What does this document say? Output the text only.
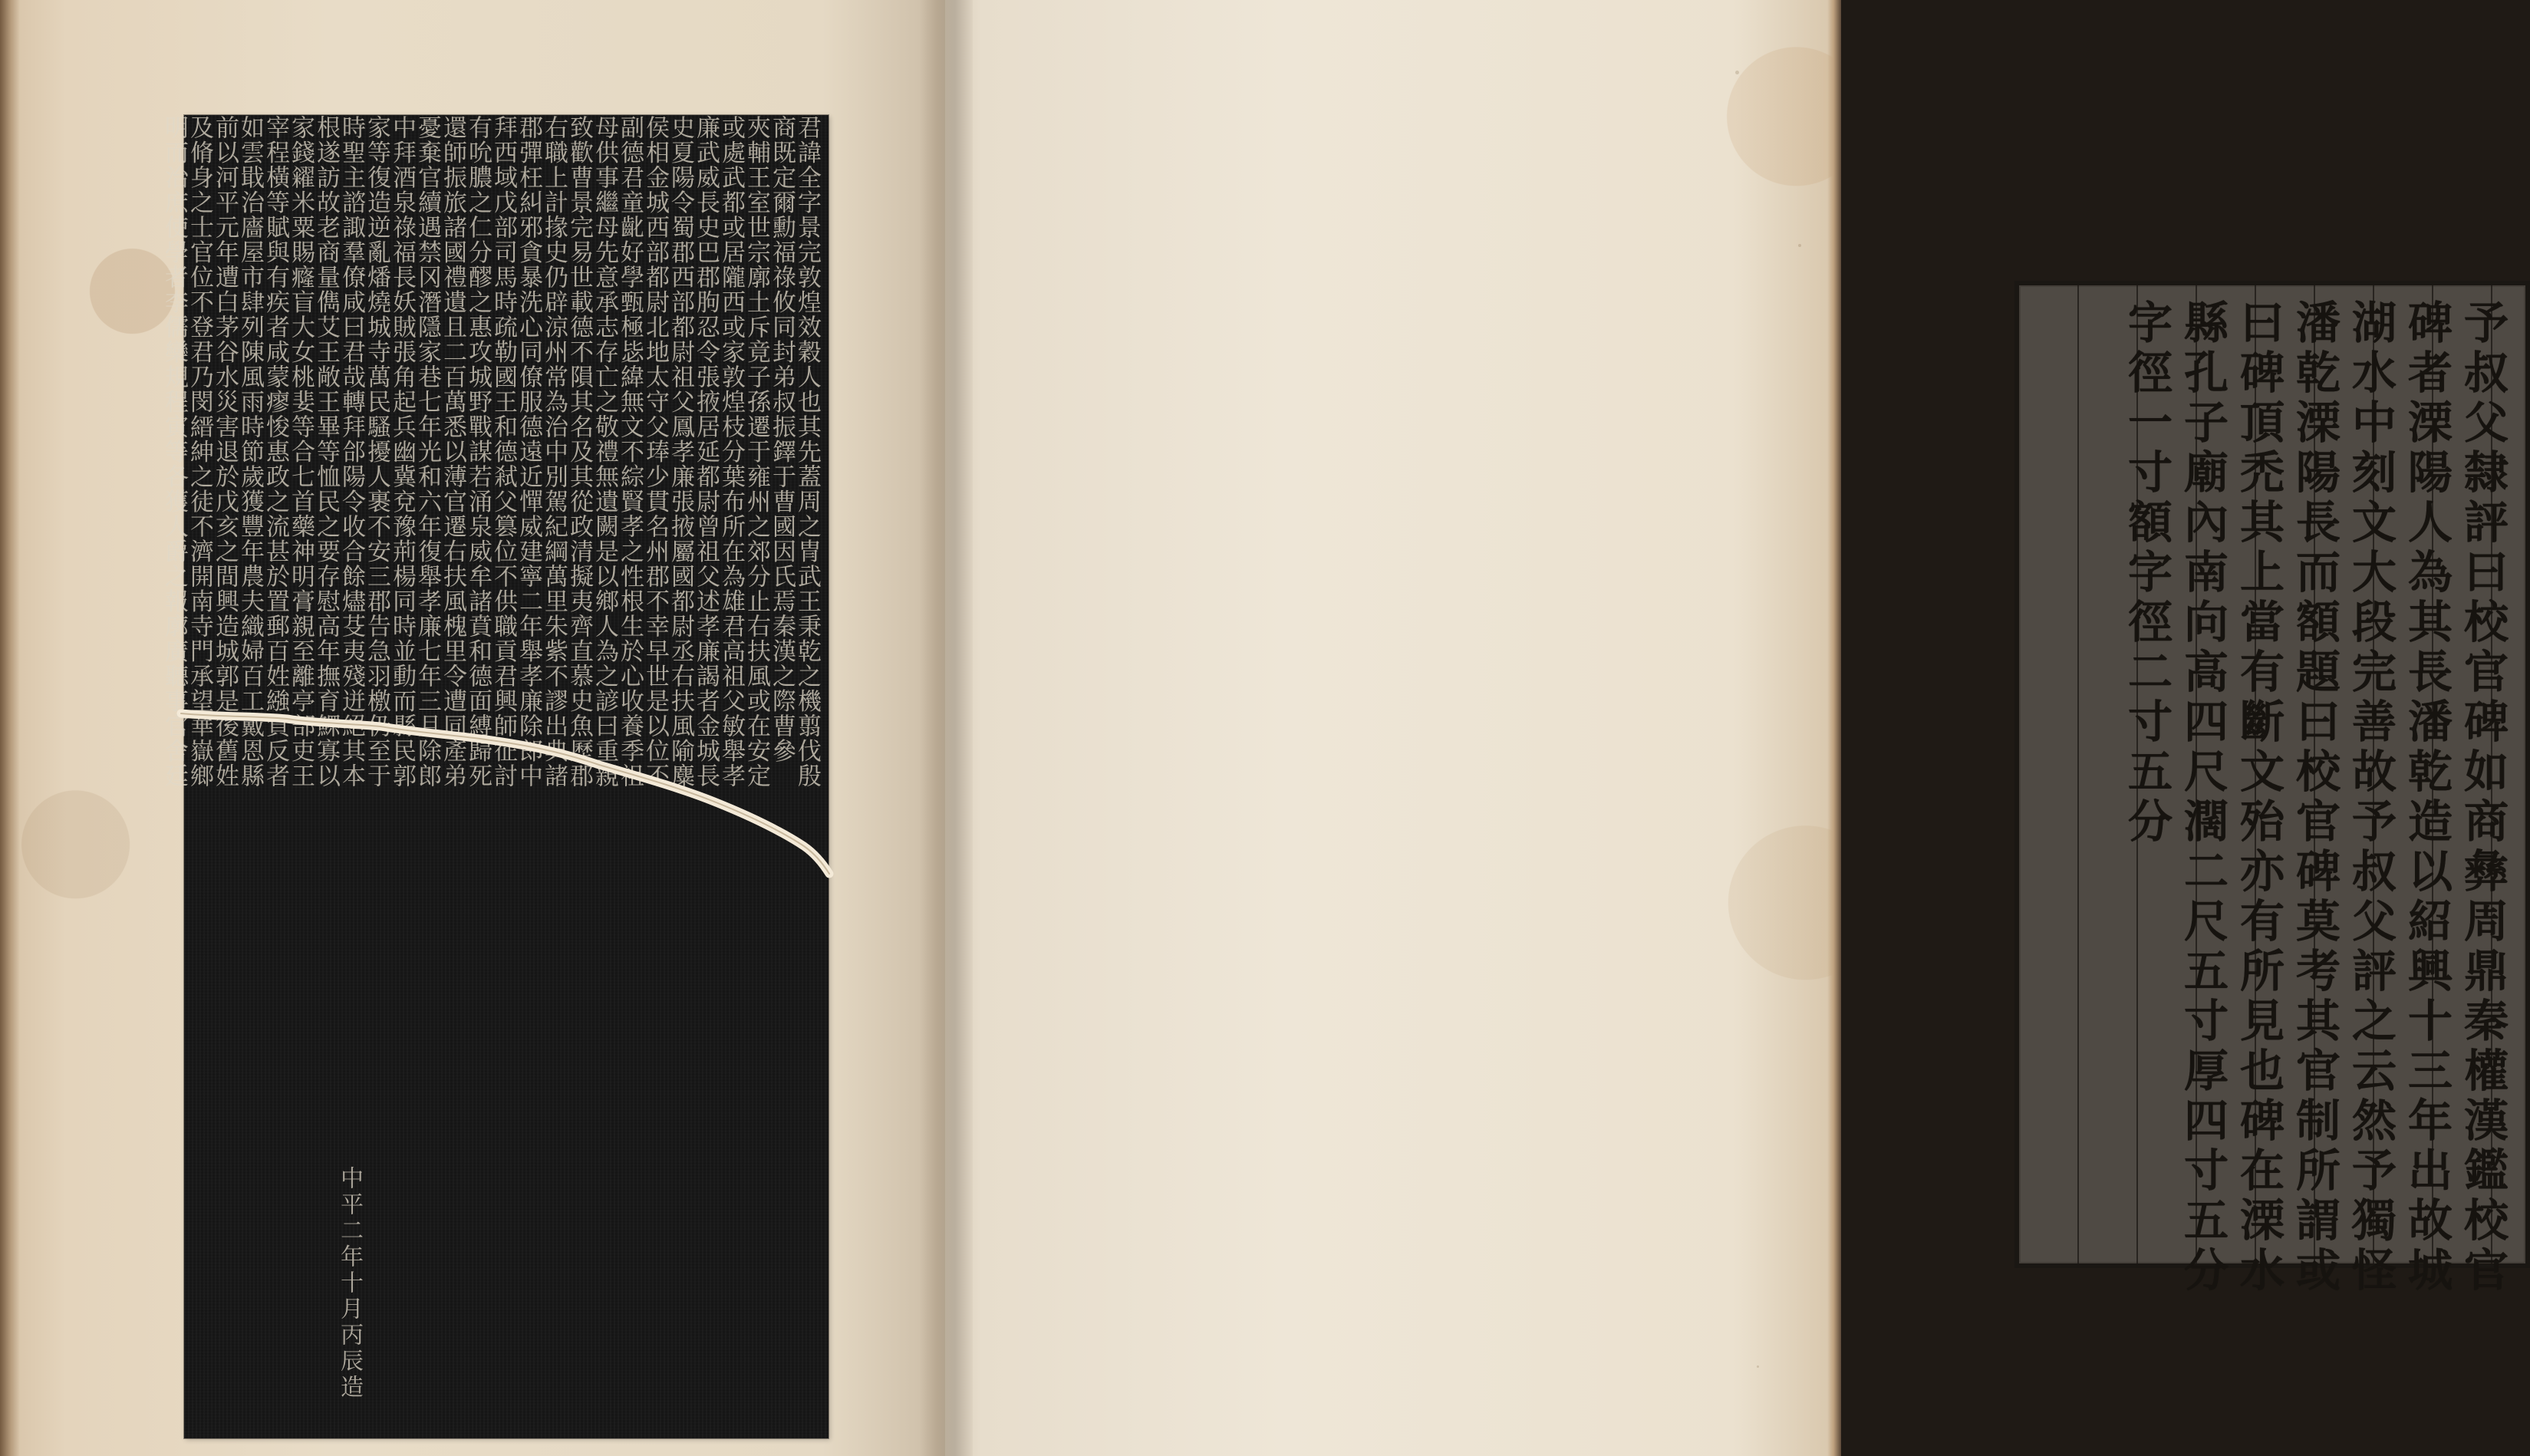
君諱全字景完敦煌效穀人也其先蓋周之冑武王秉乾之機翦伐殷
商既定爾勳福祿攸同封弟叔振鐸于曹國因氏焉秦漢之際曹參
夾輔王室世宗廓土斥竟子孫遷于雍州之郊分止右扶風或在安定
或處武都或居隴西或家敦煌枝分葉布所在為雄君高祖父敏舉孝
廉武威長史巴郡朐忍令張掖居延都尉曾祖父述孝廉謁者金城長
史夏陽令蜀郡西部都尉祖父鳳孝廉張掖屬國都尉丞右扶風隃麋
侯相金城西部都尉北地太守父琫少貫名州郡不幸早世是以位不
副德君童齔好學甄極毖緯無文不綜賢孝之性根生於心收養季祖
母供事繼母先意承志存亡之敬禮無遺闕是以鄉人為之諺曰重親
致歡曹景完易世載德不隕其名及其從政清擬夷齊直慕史魚歷郡
右職上計掾史仍辟涼州常為治中別駕紀綱萬里朱紫不謬出典諸
郡彈枉糾邪貪暴洗心同僚服德遠近憚威建寧二年舉孝廉除郎中
拜西域戊部司馬時疏勒國王和德弒父篡位不供職貢君興師征討
有吮膿之仁分醪之惠攻城野戰謀若涌泉威牟諸賁和德面縛歸死
還師振旅諸國禮遺且二百萬悉以薄官遷右扶風槐里令遭同產弟
憂棄官續遇禁冈潛隱家巷七年光和六年復舉孝廉七年三月除郎
中拜酒泉祿福長妖賊張角起兵幽冀兗豫荊楊同時並動而縣民郭
家等復造逆亂燔燒城寺萬民騷擾人裹不安三郡告急羽檄仍至于
時聖主諮諏羣僚咸曰君哉轉拜郃陽令收合餘燼芟夷殘迸絕其本
根遂訪故老商量儁艾王敞王畢等恤民之要存慰高年撫育鰥寡以
家錢糴米粟賜癃盲大女桃婓等合七首藥神明膏親至離亭部吏王
宰程橫等賦與有疾者咸蒙瘳悛惠政之流甚於置郵百姓繈負反者
如雲戢治廧屋市肆列陳風雨時節歲獲豐年農夫織婦百工戴恩縣
前以河平元年遭白茅谷水災害退於戊亥之間興造城郭是後舊姓
及脩身之士官位不登君乃閔縉紳之徒不濟開南寺門承望華嶽鄉
明而治庶使學者李儒欒規程寅等各獲人爵之報廓廣聽事官舍廷
中平二年十月丙辰造	予叔父隸評曰校官碑如商彝周鼎秦權漢鑑校官
碑者溧陽人為其長潘乾造以紹興十三年出故城
湖水中刻文大段完善故予叔父評之云然予獨怪
潘乾溧陽長而額題曰校官碑莫考其官制所謂或
曰碑頂禿其上當有斷文殆亦有所見也碑在溧水
縣孔子廟內南向高四尺濶二尺五寸厚四寸五分
字徑一寸額字徑二寸五分
